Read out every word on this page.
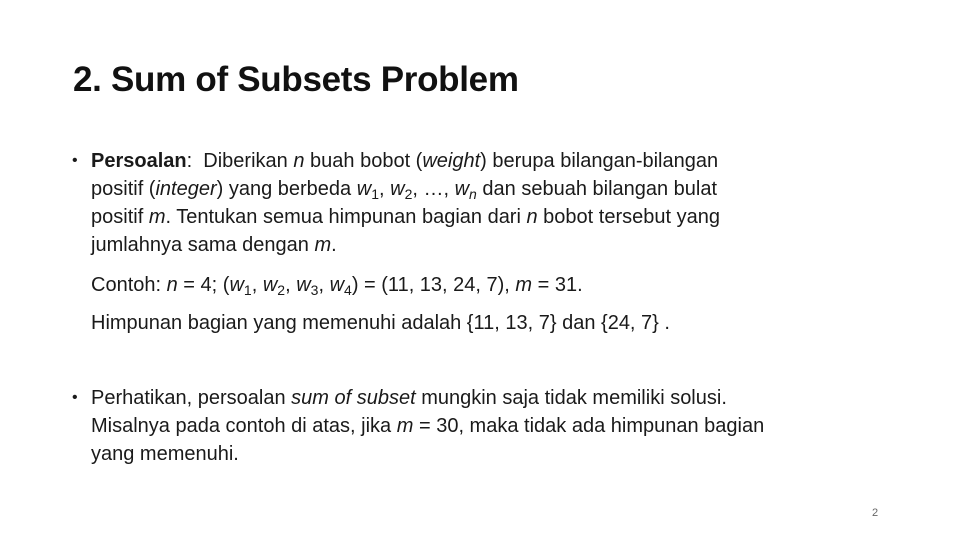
2. Sum of Subsets Problem
• Persoalan: Diberikan n buah bobot (weight) berupa bilangan-bilangan
positif (integer) yang berbeda $w_1$, $w_2$, …, $w_n$ dan sebuah bilangan bulat
positif m. Tentukan semua himpunan bagian dari n bobot tersebut yang
jumlahnya sama dengan m.
Contoh: n = 4; ($w_1$, $w_2$, $w_3$, $w_4) = (11$, 13, 24, 7), m = 31.
Himpunan bagian yang memenuhi adalah {11, 13, 7} dan {24, 7} .
• Perhatikan, persoalan sum of subset mungkin saja tidak memiliki solusi.
Misalnya pada contoh di atas, jika m = 30, maka tidak ada himpunan bagian
yang memenuhi.
2
